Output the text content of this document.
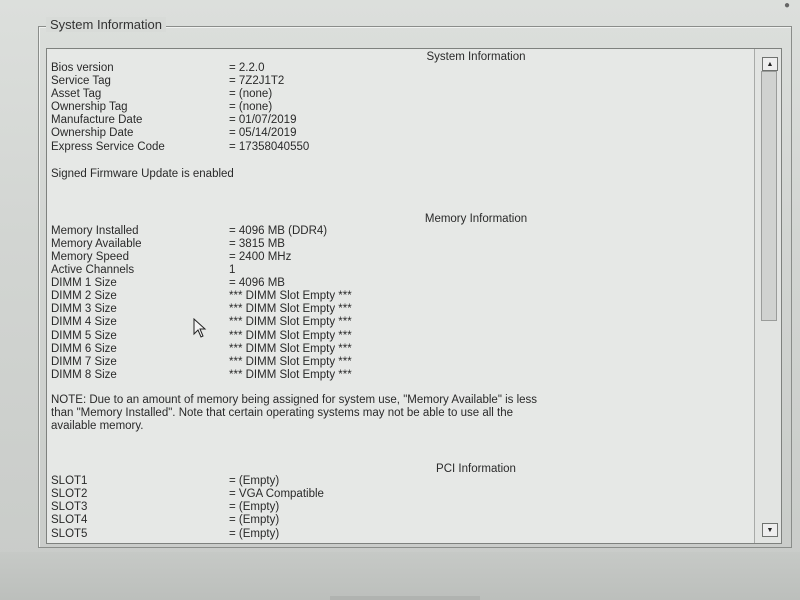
●
System Information
System Information
Bios version	= 2.2.0
Service Tag	= 7Z2J1T2
Asset Tag	= (none)
Ownership Tag	= (none)
Manufacture Date	= 01/07/2019
Ownership Date	= 05/14/2019
Express Service Code	= 17358040550
Signed Firmware Update is enabled
Memory Information
Memory Installed	= 4096 MB (DDR4)
Memory Available	= 3815 MB
Memory Speed	= 2400 MHz
Active Channels	1
DIMM 1 Size	= 4096 MB
DIMM 2 Size	*** DIMM Slot Empty ***
DIMM 3 Size	*** DIMM Slot Empty ***
DIMM 4 Size	*** DIMM Slot Empty ***
DIMM 5 Size	*** DIMM Slot Empty ***
DIMM 6 Size	*** DIMM Slot Empty ***
DIMM 7 Size	*** DIMM Slot Empty ***
DIMM 8 Size	*** DIMM Slot Empty ***
NOTE: Due to an amount of memory being assigned for system use, "Memory Available" is less
than "Memory Installed". Note that certain operating systems may not be able to use all the
available memory.
PCI Information
SLOT1	= (Empty)
SLOT2	= VGA Compatible
SLOT3	= (Empty)
SLOT4	= (Empty)
SLOT5	= (Empty)
▲
▼
